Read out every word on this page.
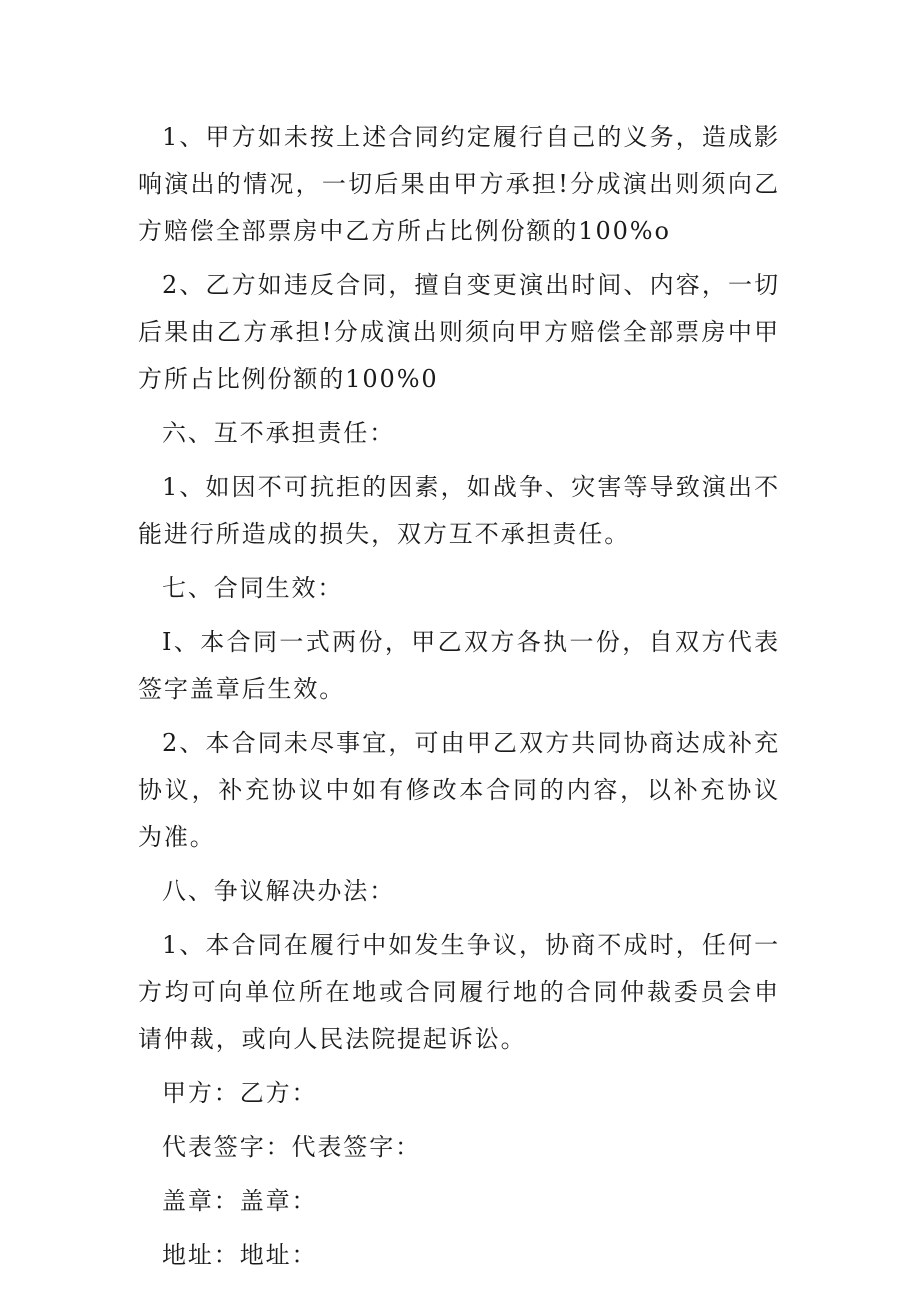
1、甲方如未按上述合同约定履行自己的义务，造成影响演出的情况，一切后果由甲方承担!分成演出则须向乙方赔偿全部票房中乙方所占比例份额的100%o

2、乙方如违反合同，擅自变更演出时间、内容，一切后果由乙方承担!分成演出则须向甲方赔偿全部票房中甲方所占比例份额的100%0

六、互不承担责任：

1、如因不可抗拒的因素，如战争、灾害等导致演出不能进行所造成的损失，双方互不承担责任。

七、合同生效：

I、本合同一式两份，甲乙双方各执一份，自双方代表签字盖章后生效。

2、本合同未尽事宜，可由甲乙双方共同协商达成补充协议，补充协议中如有修改本合同的内容，以补充协议为准。

八、争议解决办法：

1、本合同在履行中如发生争议，协商不成时，任何一方均可向单位所在地或合同履行地的合同仲裁委员会申请仲裁，或向人民法院提起诉讼。

甲方：乙方：

代表签字：代表签字：

盖章：盖章：

地址：地址：
